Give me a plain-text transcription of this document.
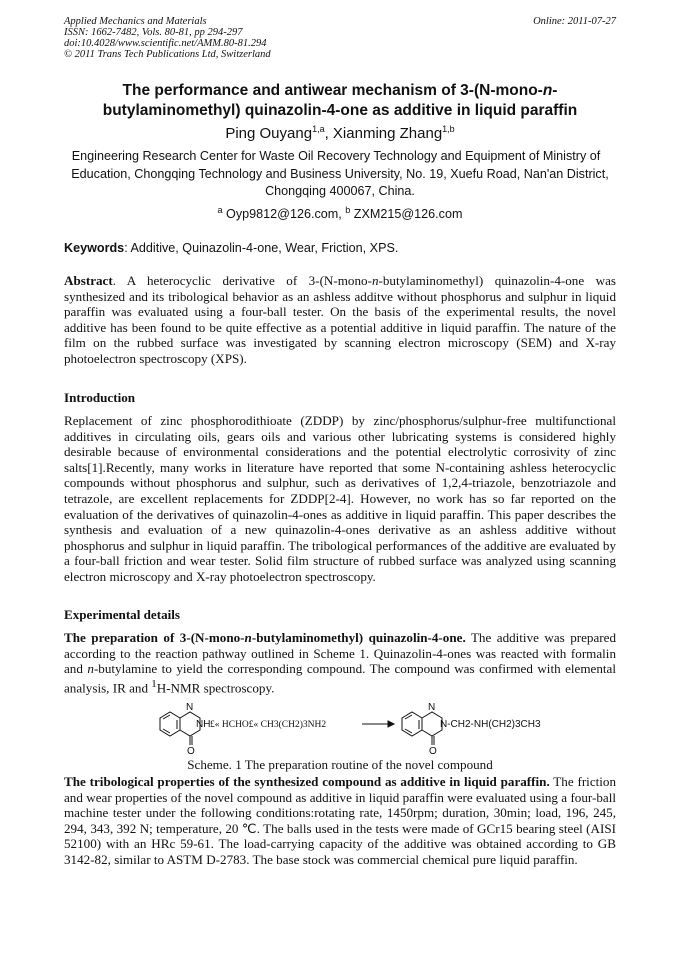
Applied Mechanics and Materials
ISSN: 1662-7482, Vols. 80-81, pp 294-297
doi:10.4028/www.scientific.net/AMM.80-81.294
© 2011 Trans Tech Publications Ltd, Switzerland
Online: 2011-07-27
The performance and antiwear mechanism of 3-(N-mono-n-
butylaminomethyl) quinazolin-4-one as additive in liquid paraffin
Ping Ouyang$^{1,a}$, Xianming Zhang$^{1,b}$
Engineering Research Center for Waste Oil Recovery Technology and Equipment of Ministry of
Education, Chongqing Technology and Business University, No. 19, Xuefu Road, Nan'an District,
Chongqing 400067, China.
$^a$ Oyp9812@126.com, $^b$ ZXM215@126.com
Keywords: Additive, Quinazolin-4-one, Wear, Friction, XPS.
Abstract. A heterocyclic derivative of 3-(N-mono-n-butylaminomethyl) quinazolin-4-one was synthesized and its tribological behavior as an ashless additve without phosphorus and sulphur in liquid paraffin was evaluated using a four-ball tester. On the basis of the experimental results, the novel additive has been found to be quite effective as a potential additive in liquid paraffin. The nature of the film on the rubbed surface was investigated by scanning electron microscopy (SEM) and X-ray photoelectron spectroscopy (XPS).
Introduction
Replacement of zinc phosphorodithioate (ZDDP) by zinc/phosphorus/sulphur-free multifunctional additives in circulating oils, gears oils and various other lubricating systems is considered highly desirable because of environmental considerations and the potential electrolytic corrosivity of zinc salts[1].Recently, many works in literature have reported that some N-containing ashless heterocyclic compounds without phosphorus and sulphur, such as derivatives of 1,2,4-triazole, benzotriazole and tetrazole, are excellent replacements for ZDDP[2-4]. However, no work has so far reported on the evaluation of the derivatives of quinazolin-4-ones as additive in liquid paraffin. This paper describes the synthesis and evaluation of a new quinazolin-4-ones derivative as an ashless additive without phosphorus and sulphur in liquid paraffin. The tribological performances of the additive are evaluated by a four-ball friction and wear tester. Solid film structure of rubbed surface was analyzed using scanning electron microscopy and X-ray photoelectron spectroscopy.
Experimental details
The preparation of 3-(N-mono-n-butylaminomethyl) quinazolin-4-one. The additive was prepared according to the reaction pathway outlined in Scheme 1. Quinazolin-4-ones was reacted with formalin and n-butylamine to yield the corresponding compound. The compound was confirmed with elemental analysis, IR and $^1$H-NMR spectroscopy.
N
NH
O
N
O
N-CH2-NH(CH2)3CH3
£« HCHO£« CH3(CH2)3NH2
Scheme. 1 The preparation routine of the novel compound
The tribological properties of the synthesized compound as additive in liquid paraffin. The friction and wear properties of the novel compound as additive in liquid paraffin were evaluated using a four-ball machine tester under the following conditions:rotating rate, 1450rpm; duration, 30min; load, 196, 245, 294, 343, 392 N; temperature, 20 ℃. The balls used in the tests were made of GCr15 bearing steel (AISI 52100) with an HRc 59-61. The load-carrying capacity of the additive was obtained according to GB 3142-82, similar to ASTM D-2783. The base stock was commercial chemical pure liquid paraffin.
